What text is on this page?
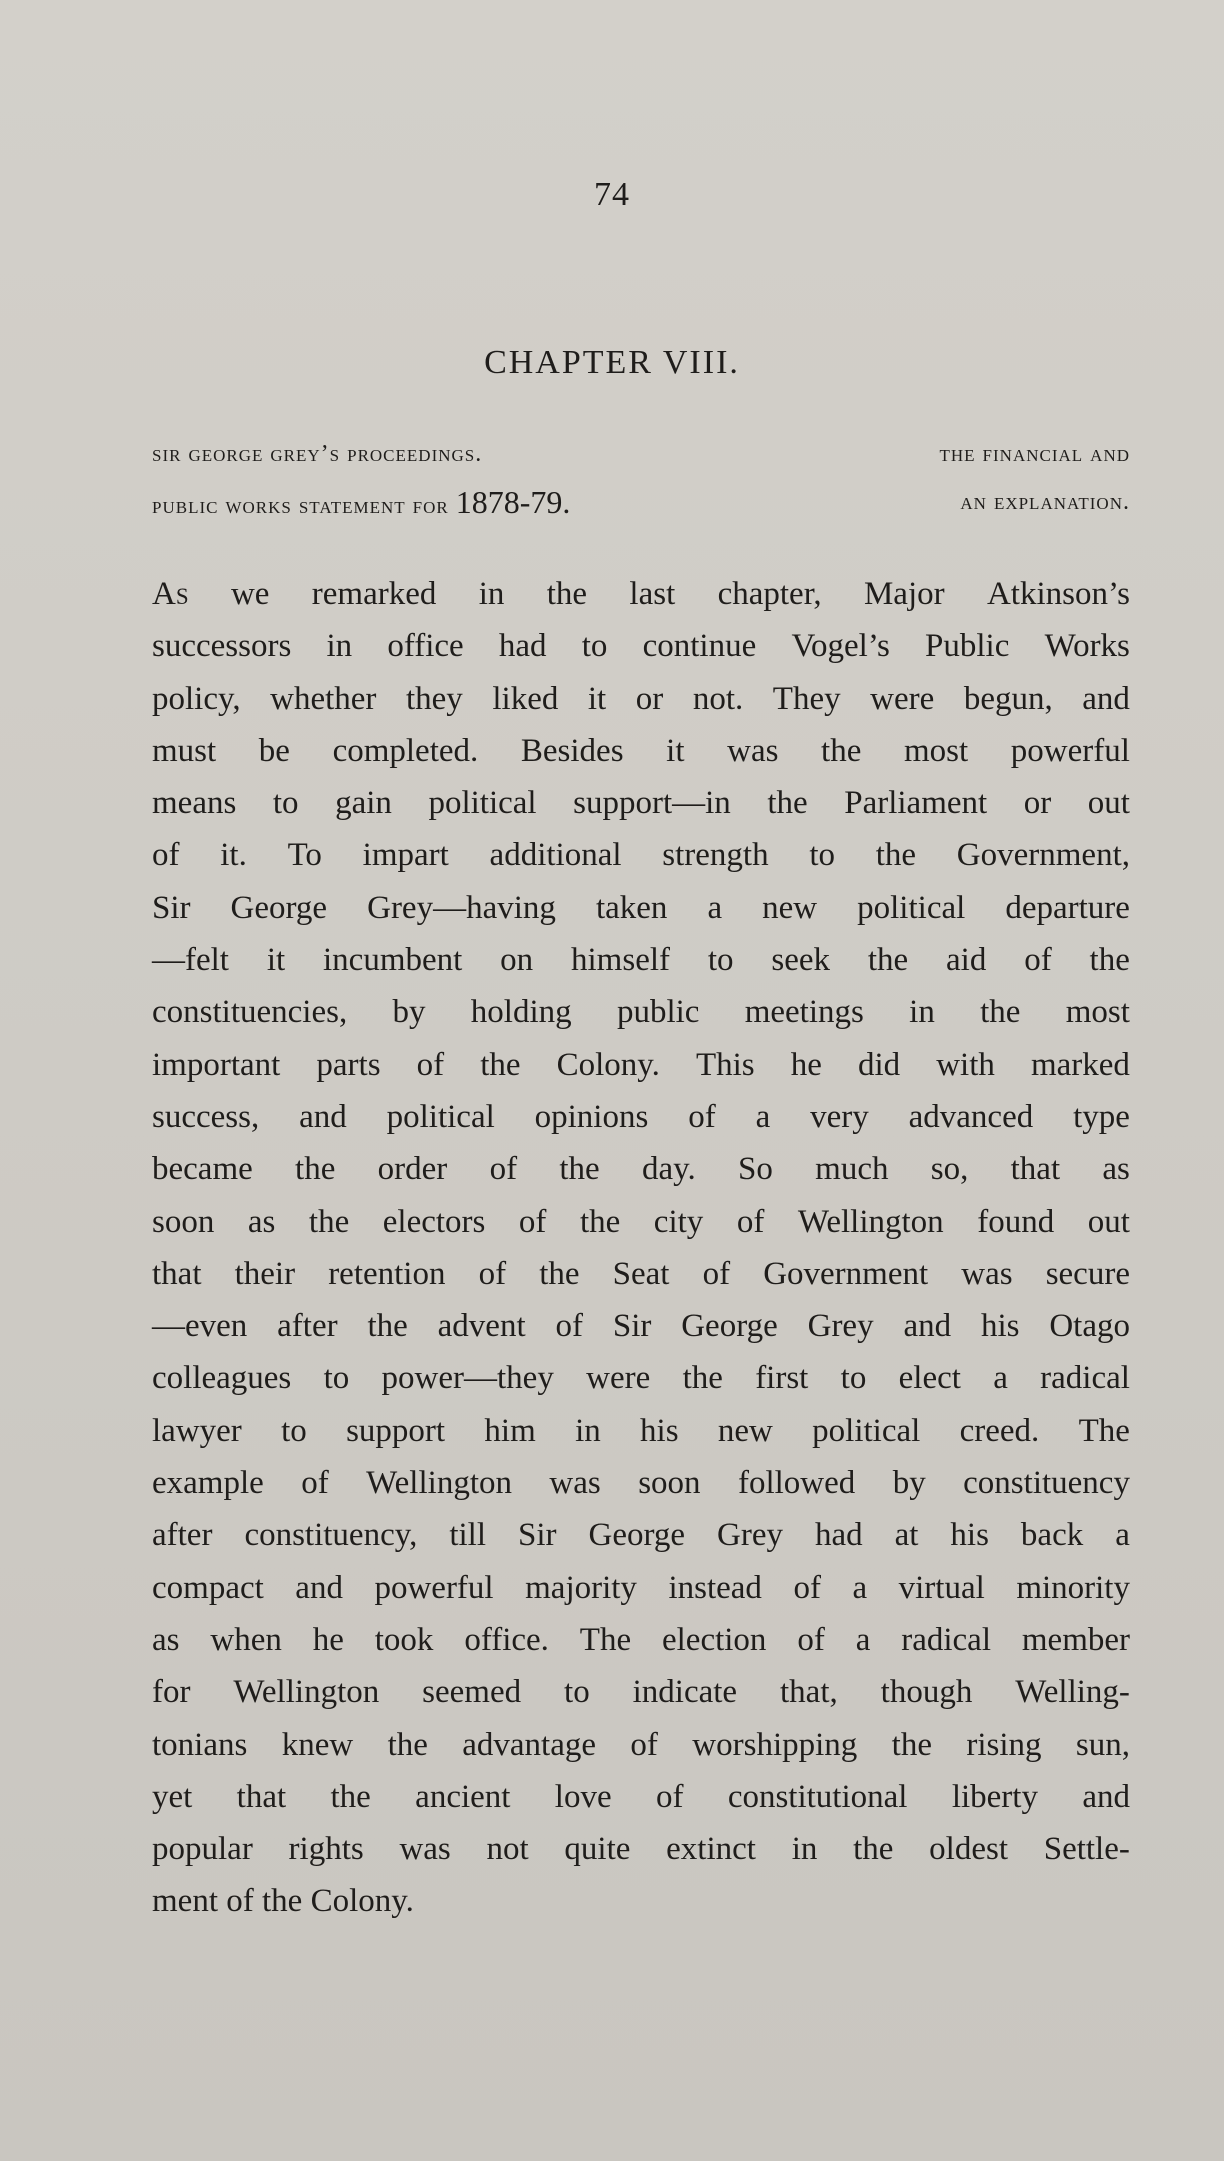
74
CHAPTER VIII.
sir george grey’s proceedings.	the financial and
public works statement for 1878-79.	an explanation.
As we remarked in the last chapter, Major Atkinson’s
successors in office had to continue Vogel’s Public Works
policy, whether they liked it or not. They were begun, and
must be completed. Besides it was the most powerful
means to gain political support—in the Parliament or out
of it. To impart additional strength to the Government,
Sir George Grey—having taken a new political departure
—felt it incumbent on himself to seek the aid of the
constituencies, by holding public meetings in the most
important parts of the Colony. This he did with marked
success, and political opinions of a very advanced type
became the order of the day. So much so, that as
soon as the electors of the city of Wellington found out
that their retention of the Seat of Government was secure
—even after the advent of Sir George Grey and his Otago
colleagues to power—they were the first to elect a radical
lawyer to support him in his new political creed. The
example of Wellington was soon followed by constituency
after constituency, till Sir George Grey had at his back a
compact and powerful majority instead of a virtual minority
as when he took office. The election of a radical member
for Wellington seemed to indicate that, though Welling-
tonians knew the advantage of worshipping the rising sun,
yet that the ancient love of constitutional liberty and
popular rights was not quite extinct in the oldest Settle-
ment
of
the
Colony.
